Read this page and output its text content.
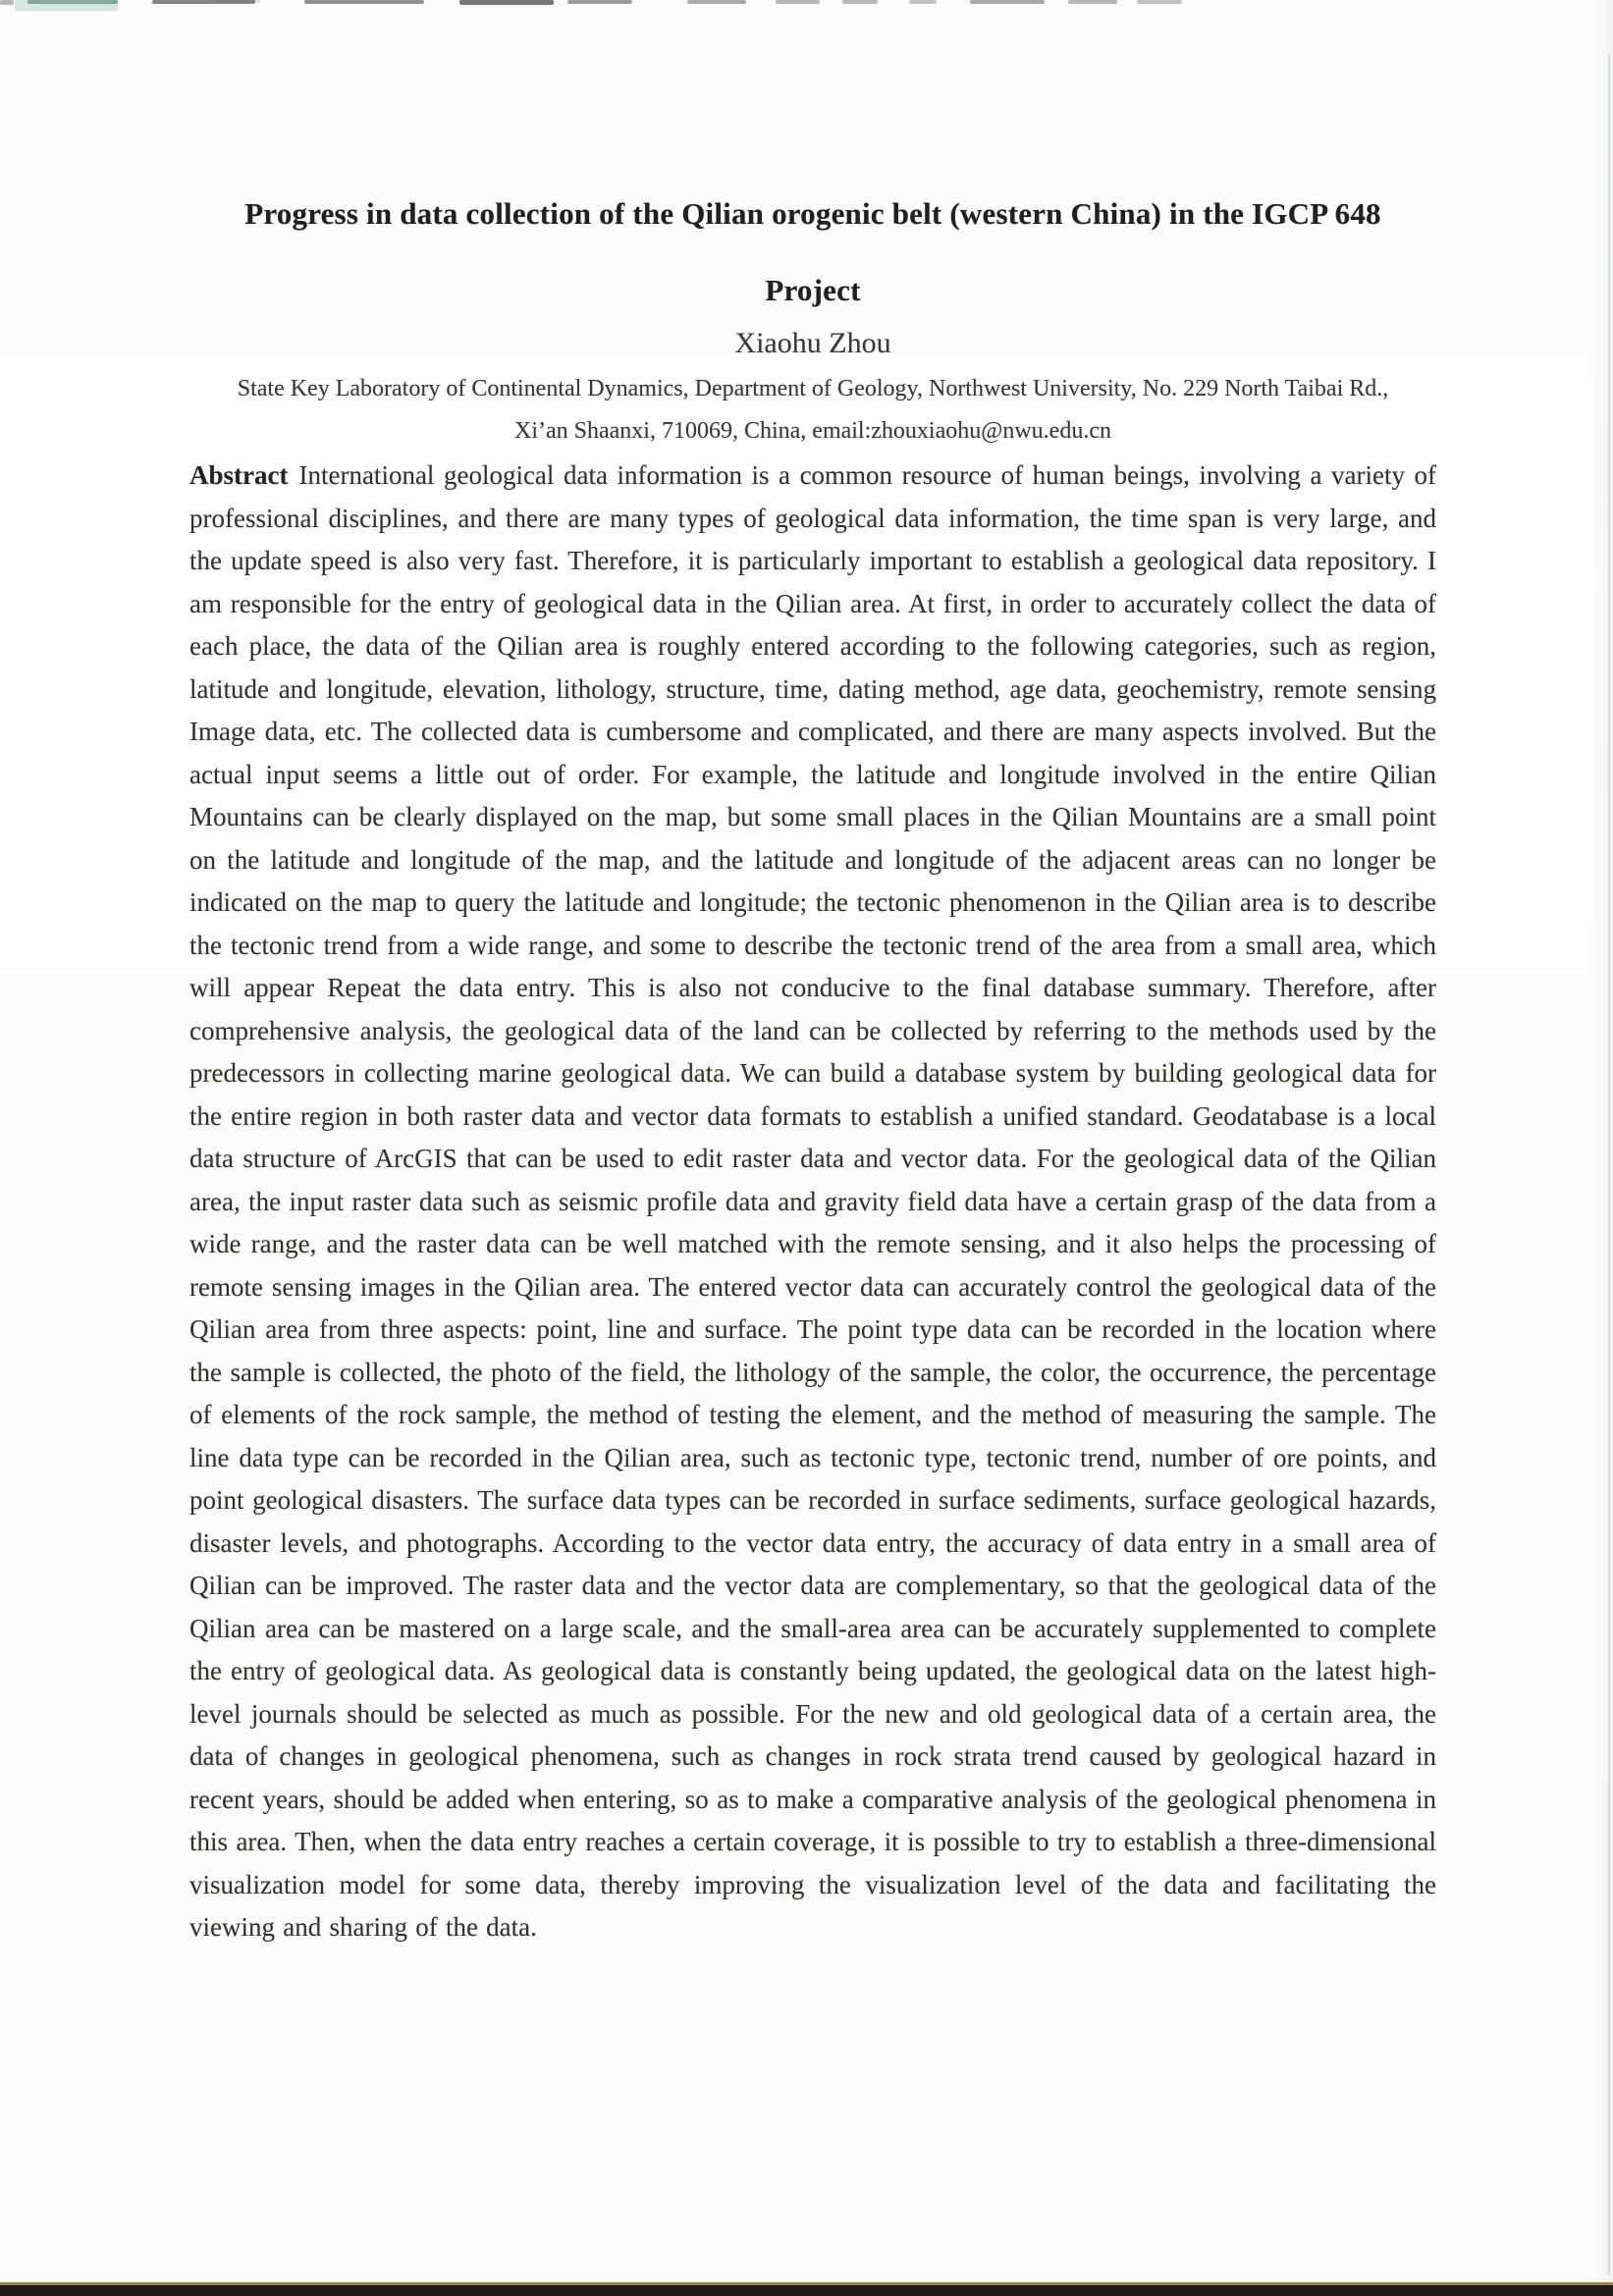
Progress in data collection of the Qilian orogenic belt (western China) in the IGCP 648
Project
Xiaohu Zhou
State Key Laboratory of Continental Dynamics, Department of Geology, Northwest University, No. 229 North Taibai Rd.,
Xi’an Shaanxi, 710069, China, email:zhouxiaohu@nwu.edu.cn

Abstract International geological data information is a common resource of human beings, involving a variety of professional disciplines, and there are many types of geological data information, the time span is very large, and the update speed is also very fast. Therefore, it is particularly important to establish a geological data repository. I am responsible for the entry of geological data in the Qilian area. At first, in order to accurately collect the data of each place, the data of the Qilian area is roughly entered according to the following categories, such as region, latitude and longitude, elevation, lithology, structure, time, dating method, age data, geochemistry, remote sensing Image data, etc. The collected data is cumbersome and complicated, and there are many aspects involved. But the actual input seems a little out of order. For example, the latitude and longitude involved in the entire Qilian Mountains can be clearly displayed on the map, but some small places in the Qilian Mountains are a small point on the latitude and longitude of the map, and the latitude and longitude of the adjacent areas can no longer be indicated on the map to query the latitude and longitude; the tectonic phenomenon in the Qilian area is to describe the tectonic trend from a wide range, and some to describe the tectonic trend of the area from a small area, which will appear Repeat the data entry. This is also not conducive to the final database summary. Therefore, after comprehensive analysis, the geological data of the land can be collected by referring to the methods used by the predecessors in collecting marine geological data. We can build a database system by building geological data for the entire region in both raster data and vector data formats to establish a unified standard. Geodatabase is a local data structure of ArcGIS that can be used to edit raster data and vector data. For the geological data of the Qilian area, the input raster data such as seismic profile data and gravity field data have a certain grasp of the data from a wide range, and the raster data can be well matched with the remote sensing, and it also helps the processing of remote sensing images in the Qilian area. The entered vector data can accurately control the geological data of the Qilian area from three aspects: point, line and surface. The point type data can be recorded in the location where the sample is collected, the photo of the field, the lithology of the sample, the color, the occurrence, the percentage of elements of the rock sample, the method of testing the element, and the method of measuring the sample. The line data type can be recorded in the Qilian area, such as tectonic type, tectonic trend, number of ore points, and point geological disasters. The surface data types can be recorded in surface sediments, surface geological hazards, disaster levels, and photographs. According to the vector data entry, the accuracy of data entry in a small area of Qilian can be improved. The raster data and the vector data are complementary, so that the geological data of the Qilian area can be mastered on a large scale, and the small-area area can be accurately supplemented to complete the entry of geological data. As geological data is constantly being updated, the geological data on the latest high-level journals should be selected as much as possible. For the new and old geological data of a certain area, the data of changes in geological phenomena, such as changes in rock strata trend caused by geological hazard in recent years, should be added when entering, so as to make a comparative analysis of the geological phenomena in this area. Then, when the data entry reaches a certain coverage, it is possible to try to establish a three-dimensional visualization model for some data, thereby improving the visualization level of the data and facilitating the viewing and sharing of the data.
